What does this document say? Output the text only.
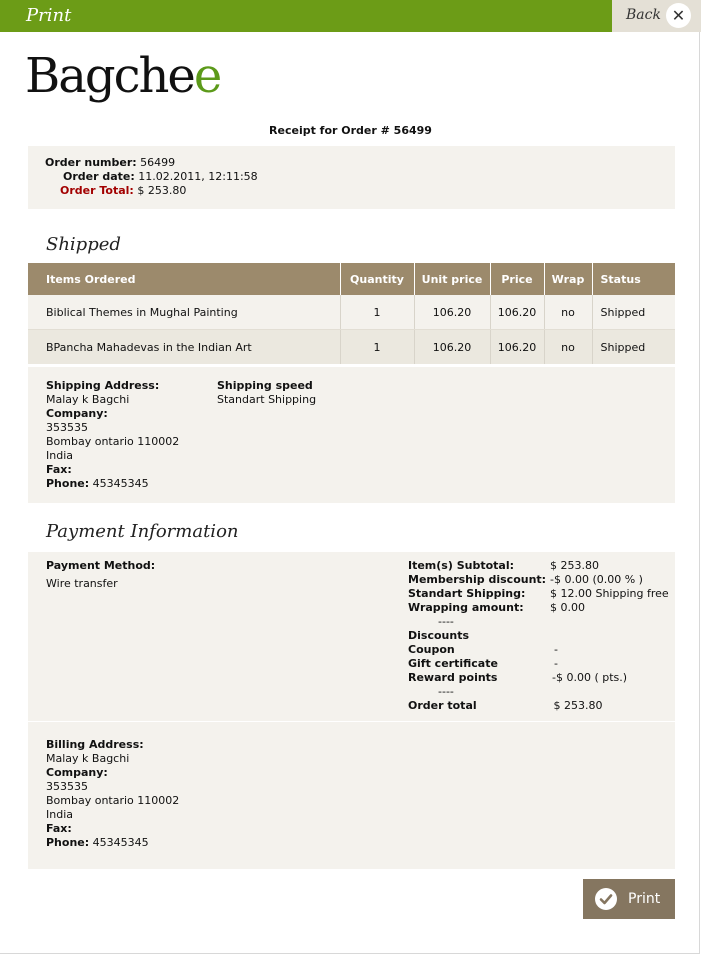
Print	Back ✕
Bagchee
Receipt for Order # 56499
Order number: 56499
Order date: 11.02.2011, 12:11:58
Order Total: $ 253.80
Shipped
Items Ordered	Quantity	Unit price	Price	Wrap	Status
Biblical Themes in Mughal Painting	1	106.20	106.20	no	Shipped
BPancha Mahadevas in the Indian Art	1	106.20	106.20	no	Shipped
Shipping Address:
Malay k Bagchi
Company:
353535
Bombay ontario 110002
India
Fax:
Phone: 45345345
Shipping speed
Standart Shipping
Payment Information
Payment Method:
Wire transfer
Item(s) Subtotal:	$ 253.80
Membership discount: -$ 0.00 (0.00 % )
Standart Shipping: $ 12.00 Shipping free
Wrapping amount: $ 0.00
----
Discounts
Coupon	-
Gift certificate	-
Reward points	-$ 0.00 ( pts.)
----
Order total	$ 253.80
Billing Address:
Malay k Bagchi
Company:
353535
Bombay ontario 110002
India
Fax:
Phone: 45345345
Print
